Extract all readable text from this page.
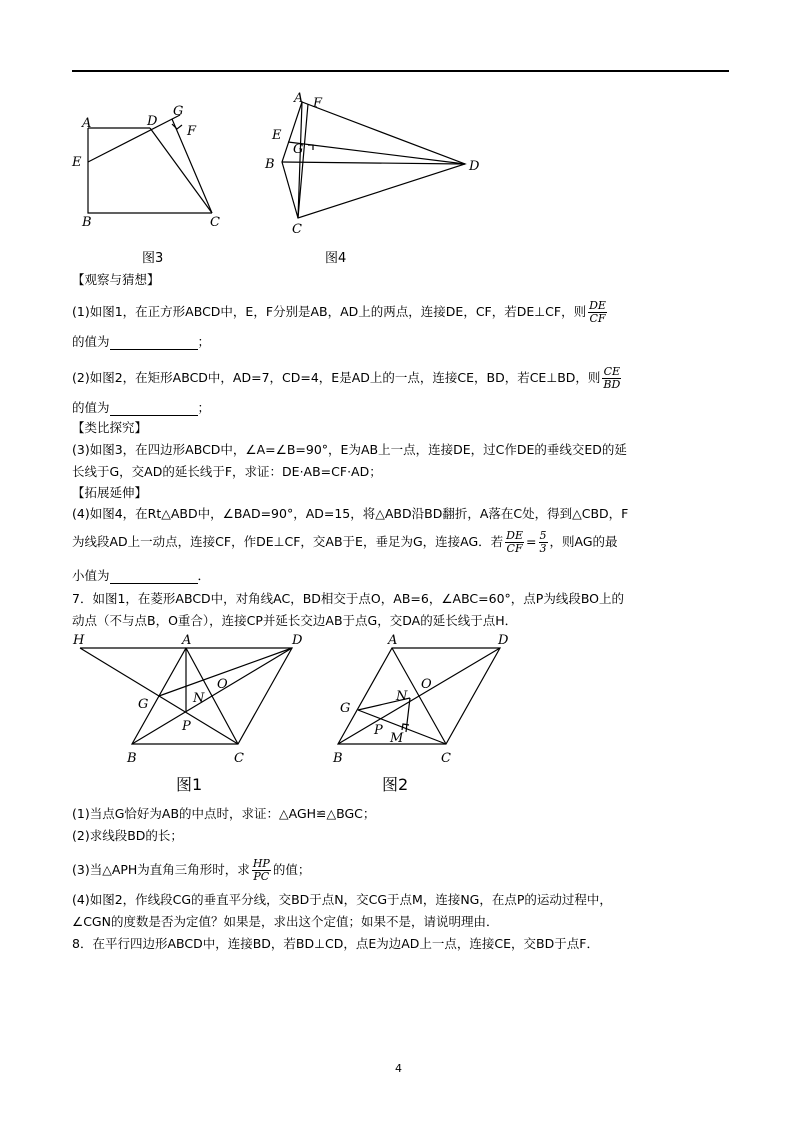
A	D
G
F
E
B	C
图3
A F
E
G
B	D
C
图4
【观察与猜想】
(1)如图1，在正方形ABCD中，E，F分别是AB，AD上的两点，连接DE，CF，若DE⊥CF，则 $\frac{DE}{CF}$
的值为	；
(2)如图2，在矩形ABCD中，AD=7，CD=4，E是AD上的一点，连接CE，BD，若CE⊥BD，则 $\frac{CE}{BD}$
的值为	；
【类比探究】
(3)如图3，在四边形ABCD中，∠A=∠B=90°，E为AB上一点，连接DE，过C作DE的垂线交ED的延
长线于G，交AD的延长线于F，求证：DE·AB=CF·AD；
【拓展延伸】
(4)如图4，在Rt△ABD中，∠BAD=90°，AD=15，将△ABD沿BD翻折，A落在C处，得到△CBD，F
为线段AD上一动点，连接CF，作DE⊥CF，交AB于E，垂足为G，连接AG．若 $\frac{DE}{CF} = \frac{5}{3}$ ，则AG的最
小值为	．
7．如图1，在菱形ABCD中，对角线AC，BD相交于点O，AB=6，∠ABC=60°，点P为线段BO上的
动点（不与点B，O重合），连接CP并延长交边AB于点G，交DA的延长线于点H．
H	A	D
G	N
O
P
B	C
图1
A	D
G
N
O
P
M
B	C
图2
(1)当点G恰好为AB的中点时，求证：△AGH≌△BGC；
(2)求线段BD的长；
(3)当△APH为直角三角形时，求 $\frac{HP}{PC}$ 的值；
(4)如图2，作线段CG的垂直平分线，交BD于点N，交CG于点M，连接NG，在点P的运动过程中，
∠CGN的度数是否为定值？如果是，求出这个定值；如果不是，请说明理由．
8．在平行四边形ABCD中，连接BD，若BD⊥CD，点E为边AD上一点，连接CE，交BD于点F．
4
